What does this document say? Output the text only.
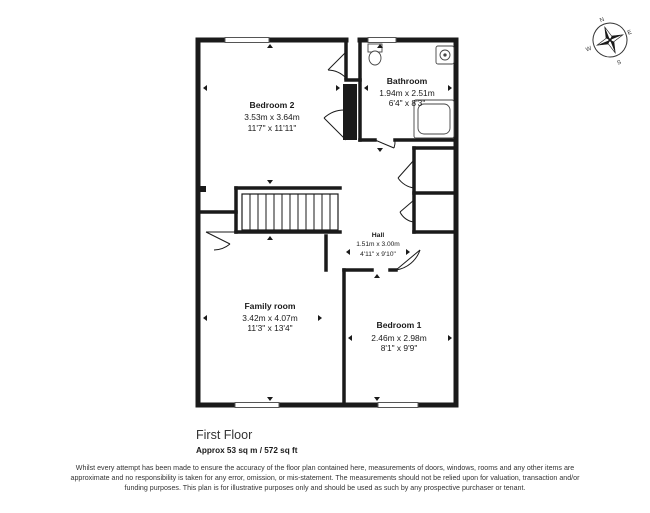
Bedroom 2
3.53m x 3.64m
11'7" x 11'11"
Bathroom
1.94m x 2.51m
6'4" x 8'3"
Hall
1.51m x 3.00m
4'11" x 9'10"
Family room
3.42m x 4.07m
11'3" x 13'4"	Bedroom 1
2.46m x 2.98m
8'1" x 9'9"
N
E
S
W
First Floor
Approx 53 sq m / 572 sq ft
Whilst every attempt has been made to ensure the accuracy of the floor plan contained here, measurements of doors, windows, rooms and any other items are approximate and no responsibility is taken for any error, omission, or mis-statement. The measurements should not be relied upon for valuation, transaction and/or funding purposes. This plan is for illustrative purposes only and should be used as such by any prospective purchaser or tenant.
